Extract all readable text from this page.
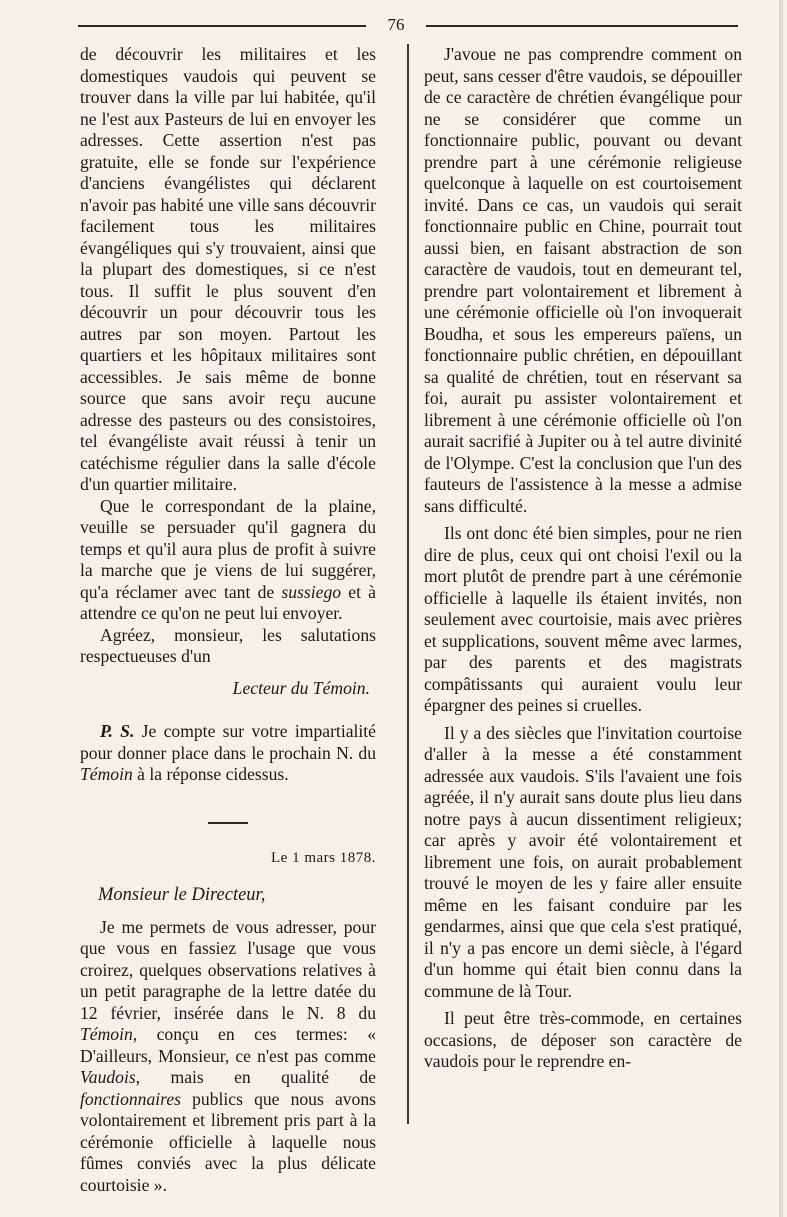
76

de découvrir les militaires et les domestiques vaudois qui peuvent se trouver dans la ville par lui habitée, qu'il ne l'est aux Pasteurs de lui en envoyer les adresses. Cette assertion n'est pas gratuite, elle se fonde sur l'expérience d'anciens évangélistes qui déclarent n'avoir pas habité une ville sans découvrir facilement tous les militaires évangéliques qui s'y trouvaient, ainsi que la plupart des domestiques, si ce n'est tous. Il suffit le plus souvent d'en découvrir un pour découvrir tous les autres par son moyen. Partout les quartiers et les hôpitaux militaires sont accessibles. Je sais même de bonne source que sans avoir reçu aucune adresse des pasteurs ou des consistoires, tel évangéliste avait réussi à tenir un catéchisme régulier dans la salle d'école d'un quartier militaire.

Que le correspondant de la plaine, veuille se persuader qu'il gagnera du temps et qu'il aura plus de profit à suivre la marche que je viens de lui suggérer, qu'a réclamer avec tant de sussiego et à attendre ce qu'on ne peut lui envoyer.

Agréez, monsieur, les salutations respectueuses d'un

Lecteur du Témoin.

P. S. Je compte sur votre impartialité pour donner place dans le prochain N. du Témoin à la réponse cidessus.

Le 1 mars 1878.

Monsieur le Directeur,

Je me permets de vous adresser, pour que vous en fassiez l'usage que vous croirez, quelques observations relatives à un petit paragraphe de la lettre datée du 12 février, insérée dans le N. 8 du Témoin, conçu en ces termes: « D'ailleurs, Monsieur, ce n'est pas comme Vaudois, mais en qualité de fonctionnaires publics que nous avons volontairement et librement pris part à la cérémonie officielle à laquelle nous fûmes conviés avec la plus délicate courtoisie ».

J'avoue ne pas comprendre comment on peut, sans cesser d'être vaudois, se dépouiller de ce caractère de chrétien évangélique pour ne se considérer que comme un fonctionnaire public, pouvant ou devant prendre part à une cérémonie religieuse quelconque à laquelle on est courtoisement invité. Dans ce cas, un vaudois qui serait fonctionnaire public en Chine, pourrait tout aussi bien, en faisant abstraction de son caractère de vaudois, tout en demeurant tel, prendre part volontairement et librement à une cérémonie officielle où l'on invoquerait Boudha, et sous les empereurs païens, un fonctionnaire public chrétien, en dépouillant sa qualité de chrétien, tout en réservant sa foi, aurait pu assister volontairement et librement à une cérémonie officielle où l'on aurait sacrifié à Jupiter ou à tel autre divinité de l'Olympe. C'est la conclusion que l'un des fauteurs de l'assistence à la messe a admise sans difficulté.

Ils ont donc été bien simples, pour ne rien dire de plus, ceux qui ont choisi l'exil ou la mort plutôt de prendre part à une cérémonie officielle à laquelle ils étaient invités, non seulement avec courtoisie, mais avec prières et supplications, souvent même avec larmes, par des parents et des magistrats compâtissants qui auraient voulu leur épargner des peines si cruelles.

Il y a des siècles que l'invitation courtoise d'aller à la messe a été constamment adressée aux vaudois. S'ils l'avaient une fois agréée, il n'y aurait sans doute plus lieu dans notre pays à aucun dissentiment religieux; car après y avoir été volontairement et librement une fois, on aurait probablement trouvé le moyen de les y faire aller ensuite même en les faisant conduire par les gendarmes, ainsi que que cela s'est pratiqué, il n'y a pas encore un demi siècle, à l'égard d'un homme qui était bien connu dans la commune de là Tour.

Il peut être très-commode, en certaines occasions, de déposer son caractère de vaudois pour le reprendre en-
